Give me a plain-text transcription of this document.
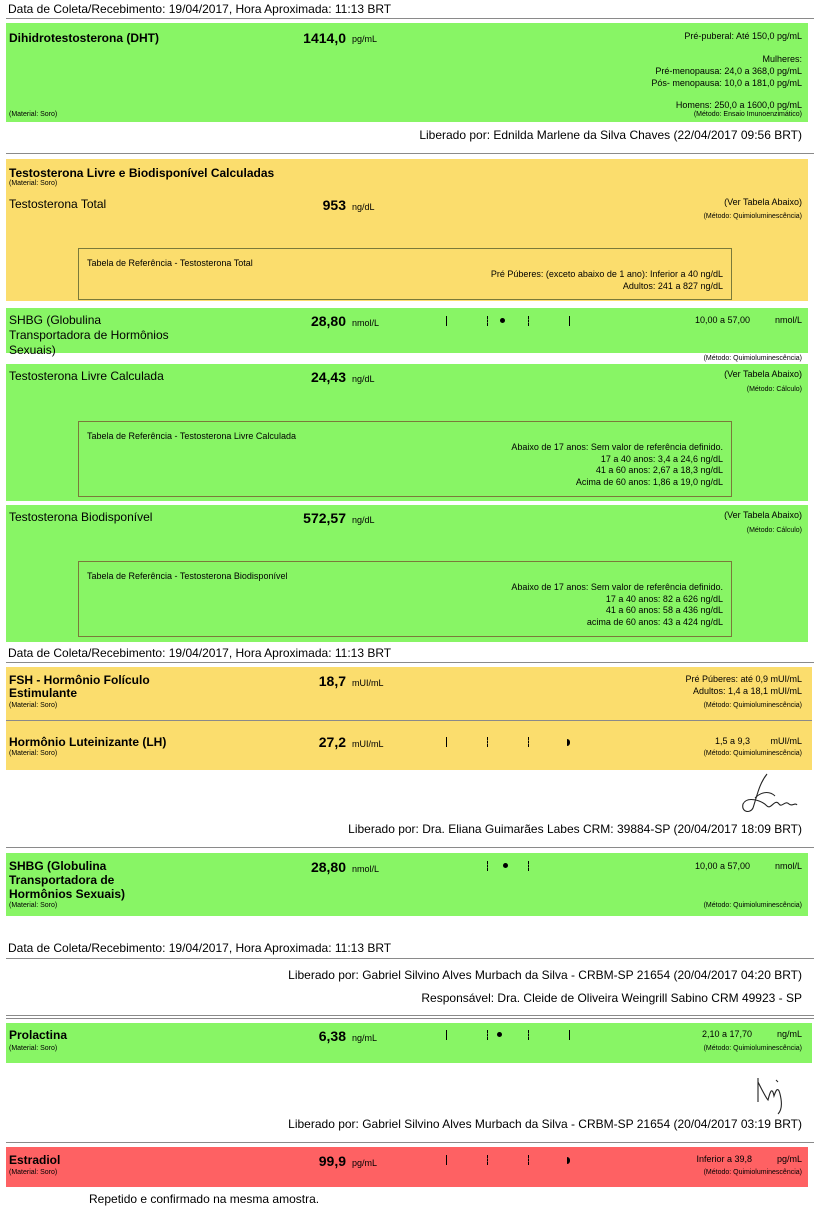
Data de Coleta/Recebimento: 19/04/2017, Hora Aproximada: 11:13 BRT
Dihidrotestosterona (DHT)	1414,0 pg/mL	Pré-puberal: Até 150,0 pg/mL
Mulheres:
Pré-menopausa: 24,0 a 368,0 pg/mL
Pós- menopausa: 10,0 a 181,0 pg/mL
Homens: 250,0 a 1600,0 pg/mL
(Material: Soro)	(Método: Ensaio Imunoenzimático)
Liberado por: Ednilda Marlene da Silva Chaves (22/04/2017 09:56 BRT)
Testosterona Livre e Biodisponível Calculadas
(Material: Soro)
Testosterona Total	953 ng/dL	(Ver Tabela Abaixo)
(Método: Quimioluminescência)
Tabela de Referência - Testosterona Total
Pré Púberes: (exceto abaixo de 1 ano): Inferior a 40 ng/dL
Adultos: 241 a 827 ng/dL
SHBG (Globulina
Transportadora de Hormônios
Sexuais)
28,80 nmol/L	10,00 a 57,00	nmol/L
(Método: Quimioluminescência)
Testosterona Livre Calculada	24,43 ng/dL	(Ver Tabela Abaixo)
(Método: Cálculo)
Tabela de Referência - Testosterona Livre Calculada
Abaixo de 17 anos: Sem valor de referência definido.
17 a 40 anos: 3,4 a 24,6 ng/dL
41 a 60 anos: 2,67 a 18,3 ng/dL
Acima de 60 anos: 1,86 a 19,0 ng/dL
Testosterona Biodisponível	572,57 ng/dL	(Ver Tabela Abaixo)
(Método: Cálculo)
Tabela de Referência - Testosterona Biodisponível
Abaixo de 17 anos: Sem valor de referência definido.
17 a 40 anos: 82 a 626 ng/dL
41 a 60 anos: 58 a 436 ng/dL
acima de 60 anos: 43 a 424 ng/dL
Data de Coleta/Recebimento: 19/04/2017, Hora Aproximada: 11:13 BRT
FSH - Hormônio Folículo
Estimulante
18,7 mUI/mL	Pré Púberes: até 0,9 mUI/mL
Adultos: 1,4 a 18,1 mUI/mL
(Material: Soro)	(Método: Quimioluminescência)
Hormônio Luteinizante (LH)	27,2 mUI/mL	1,5 a 9,3 mUI/mL
(Material: Soro)	(Método: Quimioluminescência)
Liberado por: Dra. Eliana Guimarães Labes CRM: 39884-SP (20/04/2017 18:09 BRT)
SHBG (Globulina
Transportadora de
Hormônios Sexuais)
28,80 nmol/L	10,00 a 57,00	nmol/L
(Material: Soro)	(Método: Quimioluminescência)
Data de Coleta/Recebimento: 19/04/2017, Hora Aproximada: 11:13 BRT
Liberado por: Gabriel Silvino Alves Murbach da Silva - CRBM-SP 21654 (20/04/2017 04:20 BRT)
Responsável: Dra. Cleide de Oliveira Weingrill Sabino CRM 49923 - SP
Prolactina	6,38 ng/mL	2,10 a 17,70	ng/mL
(Material: Soro)	(Método: Quimioluminescência)
Liberado por: Gabriel Silvino Alves Murbach da Silva - CRBM-SP 21654 (20/04/2017 03:19 BRT)
Estradiol	99,9 pg/mL	Inferior a 39,8	pg/mL
(Material: Soro)	(Método: Quimioluminescência)
Repetido e confirmado na mesma amostra.
